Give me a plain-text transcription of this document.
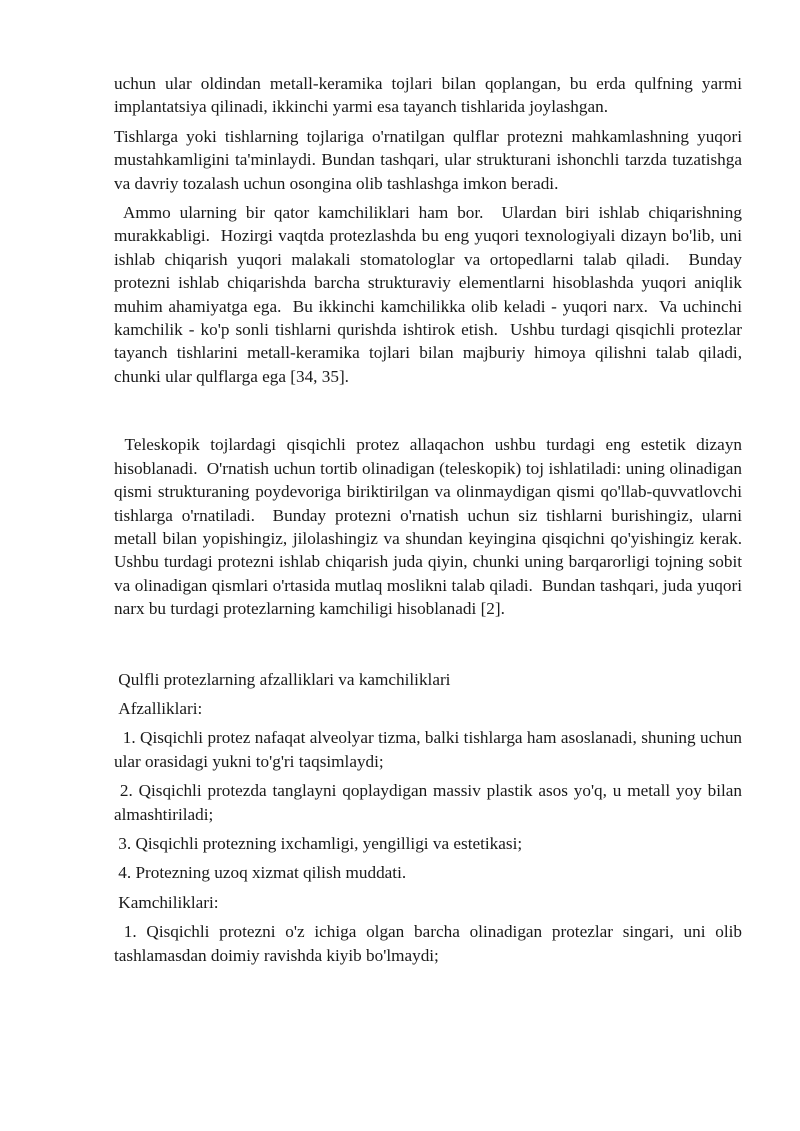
uchun ular oldindan metall-keramika tojlari bilan qoplangan, bu erda qulfning yarmi implantatsiya qilinadi, ikkinchi yarmi esa tayanch tishlarida joylashgan.

Tishlarga yoki tishlarning tojlariga o'rnatilgan qulflar protezni mahkamlashning yuqori mustahkamligini ta'minlaydi. Bundan tashqari, ular strukturani ishonchli tarzda tuzatishga va davriy tozalash uchun osongina olib tashlashga imkon beradi.

Ammo ularning bir qator kamchiliklari ham bor.  Ulardan biri ishlab chiqarishning murakkabligi.  Hozirgi vaqtda protezlashda bu eng yuqori texnologiyali dizayn bo'lib, uni ishlab chiqarish yuqori malakali stomatologlar va ortopedlarni talab qiladi.  Bunday protezni ishlab chiqarishda barcha strukturaviy elementlarni hisoblashda yuqori aniqlik muhim ahamiyatga ega.  Bu ikkinchi kamchilikka olib keladi - yuqori narx.  Va uchinchi kamchilik - ko'p sonli tishlarni qurishda ishtirok etish.  Ushbu turdagi qisqichli protezlar tayanch tishlarini metall-keramika tojlari bilan majburiy himoya qilishni talab qiladi, chunki ular qulflarga ega [34, 35].

Teleskopik tojlardagi qisqichli protez allaqachon ushbu turdagi eng estetik dizayn hisoblanadi.  O'rnatish uchun tortib olinadigan (teleskopik) toj ishlatiladi: uning olinadigan qismi strukturaning poydevoriga biriktirilgan va olinmaydigan qismi qo'llab-quvvatlovchi tishlarga o'rnatiladi.  Bunday protezni o'rnatish uchun siz tishlarni burishingiz, ularni metall bilan yopishingiz, jilolashingiz va shundan keyingina qisqichni qo'yishingiz kerak.  Ushbu turdagi protezni ishlab chiqarish juda qiyin, chunki uning barqarorligi tojning sobit va olinadigan qismlari o'rtasida mutlaq moslikni talab qiladi.  Bundan tashqari, juda yuqori narx bu turdagi protezlarning kamchiligi hisoblanadi [2].

Qulfli protezlarning afzalliklari va kamchiliklari

Afzalliklari:

1. Qisqichli protez nafaqat alveolyar tizma, balki tishlarga ham asoslanadi, shuning uchun ular orasidagi yukni to'g'ri taqsimlaydi;

2. Qisqichli protezda tanglayni qoplaydigan massiv plastik asos yo'q, u metall yoy bilan almashtiriladi;

3. Qisqichli protezning ixchamligi, yengilligi va estetikasi;

4. Protezning uzoq xizmat qilish muddati.

Kamchiliklari:

1. Qisqichli protezni o'z ichiga olgan barcha olinadigan protezlar singari, uni olib tashlamasdan doimiy ravishda kiyib bo'lmaydi;
